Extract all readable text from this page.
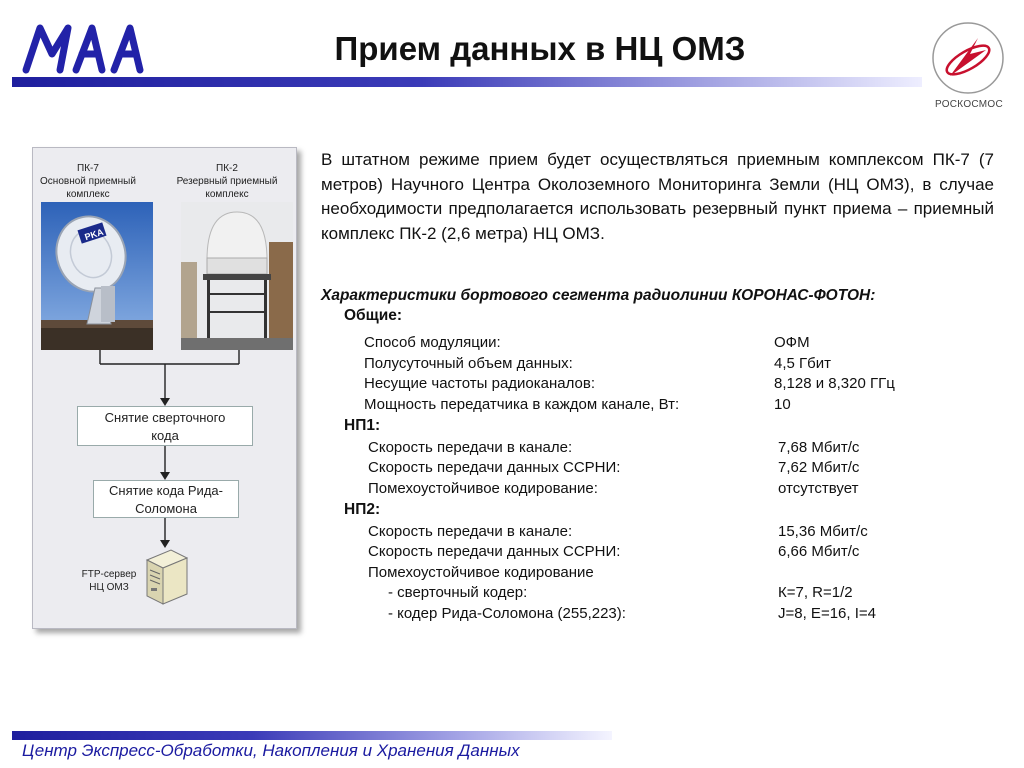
Прием данных в НЦ ОМЗ
РОСКОСМОС
ПК-7
Основной приемный
комплекс
ПК-2
Резервный приемный
комплекс
PKA
Снятие сверточного
кода
Снятие кода Рида-
Соломона
FTP-сервер
НЦ ОМЗ
В штатном режиме прием будет осуществляться приемным комплексом ПК-7 (7 метров) Научного Центра Околоземного Мониторинга Земли (НЦ ОМЗ), в случае необходимости предполагается использовать резервный пункт приема – приемный комплекс ПК-2 (2,6 метра) НЦ ОМЗ.
Характеристики бортового сегмента радиолинии КОРОНАС-ФОТОН:
Общие:
Способ модуляции:	ОФМ
Полусуточный объем данных:	4,5 Гбит
Несущие частоты радиоканалов:	8,128 и 8,320 ГГц
Мощность передатчика в каждом канале, Вт:	10
НП1:
Скорость передачи в канале:	7,68 Мбит/с
Скорость передачи данных ССРНИ:	7,62 Мбит/с
Помехоустойчивое кодирование:	отсутствует
НП2:
Скорость передачи в канале:	15,36 Мбит/с
Скорость передачи данных ССРНИ:	6,66 Мбит/с
Помехоустойчивое кодирование
- сверточный кодер:	К=7, R=1/2
- кодер Рида-Соломона (255,223):	J=8, E=16, I=4
Центр Экспресс-Обработки, Накопления и Хранения Данных
